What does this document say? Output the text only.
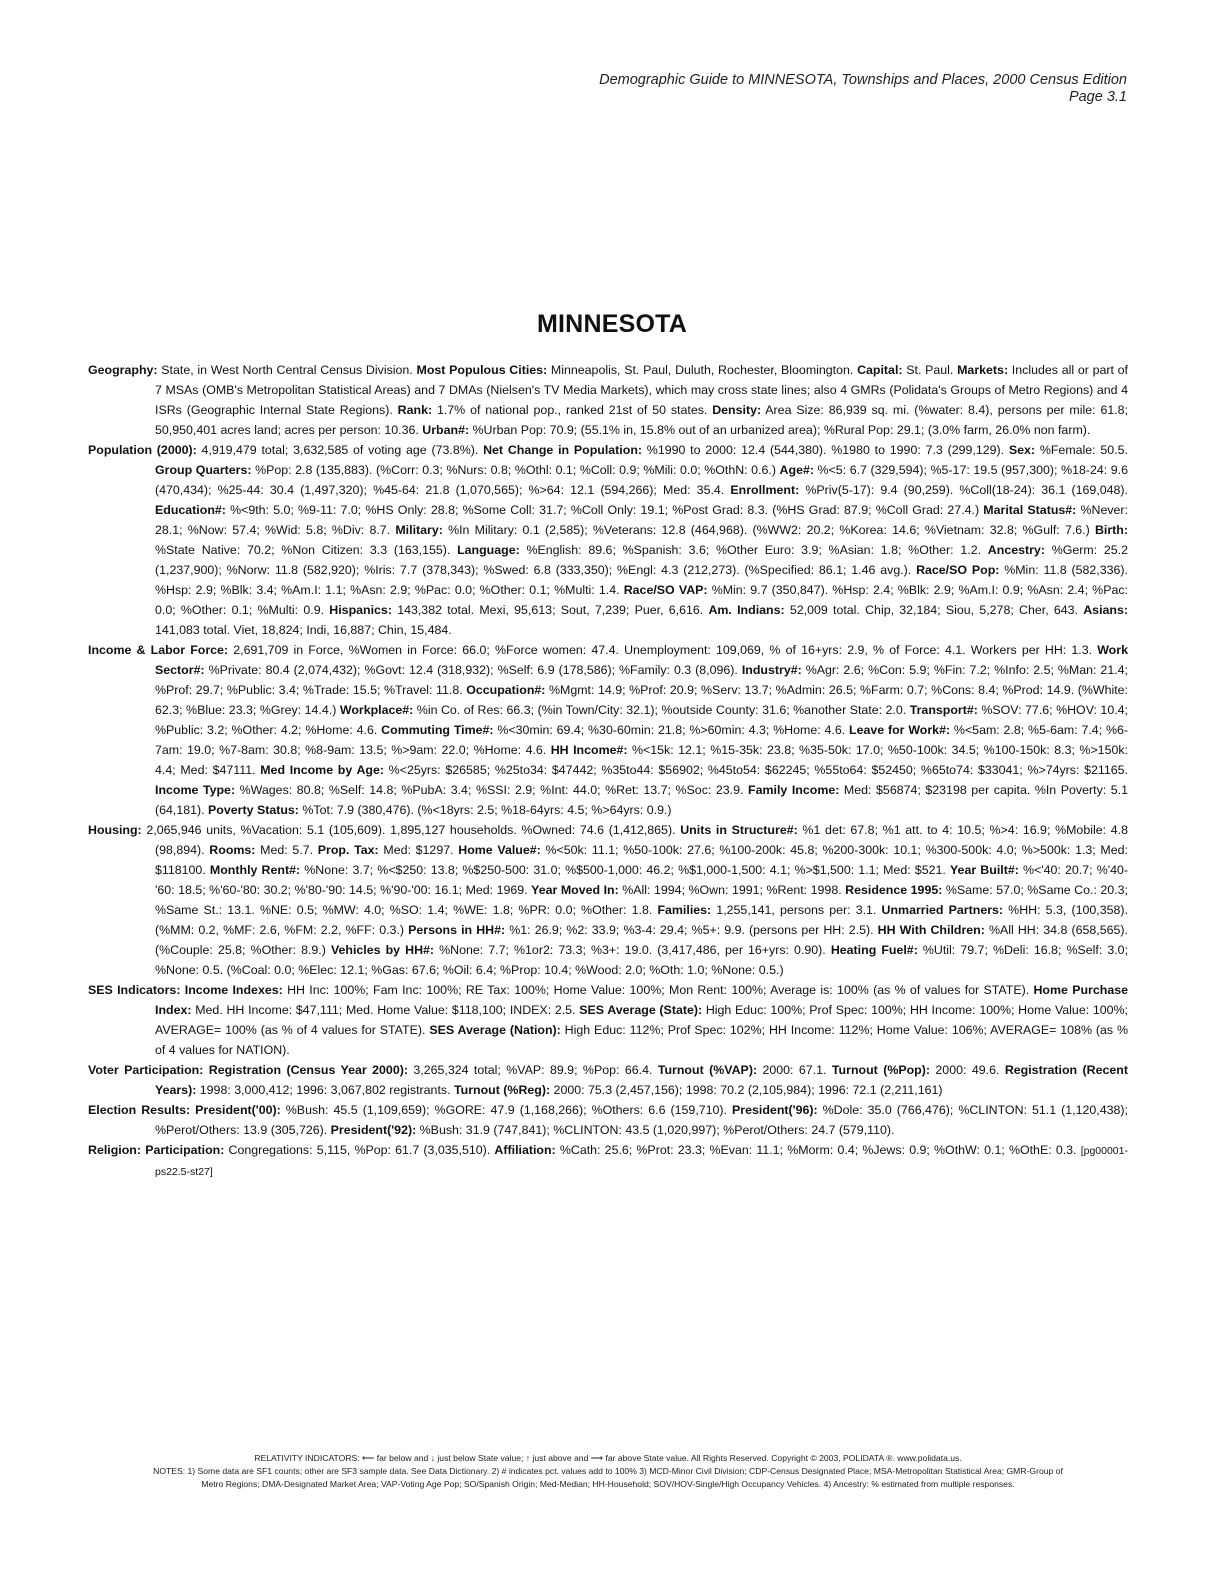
Demographic Guide to MINNESOTA, Townships and Places, 2000 Census Edition
Page 3.1
MINNESOTA

Geography: State, in West North Central Census Division. Most Populous Cities: Minneapolis, St. Paul, Duluth, Rochester, Bloomington. Capital: St. Paul. Markets: Includes all or part of 7 MSAs (OMB's Metropolitan Statistical Areas) and 7 DMAs (Nielsen's TV Media Markets), which may cross state lines; also 4 GMRs (Polidata's Groups of Metro Regions) and 4 ISRs (Geographic Internal State Regions). Rank: 1.7% of national pop., ranked 21st of 50 states. Density: Area Size: 86,939 sq. mi. (%water: 8.4), persons per mile: 61.8; 50,950,401 acres land; acres per person: 10.36. Urban#: %Urban Pop: 70.9; (55.1% in, 15.8% out of an urbanized area); %Rural Pop: 29.1; (3.0% farm, 26.0% non farm).

Population (2000): 4,919,479 total; 3,632,585 of voting age (73.8%). Net Change in Population: %1990 to 2000: 12.4 (544,380). %1980 to 1990: 7.3 (299,129). Sex: %Female: 50.5. Group Quarters: %Pop: 2.8 (135,883). (%Corr: 0.3; %Nurs: 0.8; %Othl: 0.1; %Coll: 0.9; %Mili: 0.0; %OthN: 0.6.) Age#: %<5: 6.7 (329,594); %5-17: 19.5 (957,300); %18-24: 9.6 (470,434); %25-44: 30.4 (1,497,320); %45-64: 21.8 (1,070,565); %>64: 12.1 (594,266); Med: 35.4. Enrollment: %Priv(5-17): 9.4 (90,259). %Coll(18-24): 36.1 (169,048). Education#: %<9th: 5.0; %9-11: 7.0; %HS Only: 28.8; %Some Coll: 31.7; %Coll Only: 19.1; %Post Grad: 8.3. (%HS Grad: 87.9; %Coll Grad: 27.4.) Marital Status#: %Never: 28.1; %Now: 57.4; %Wid: 5.8; %Div: 8.7. Military: %In Military: 0.1 (2,585); %Veterans: 12.8 (464,968). (%WW2: 20.2; %Korea: 14.6; %Vietnam: 32.8; %Gulf: 7.6.) Birth: %State Native: 70.2; %Non Citizen: 3.3 (163,155). Language: %English: 89.6; %Spanish: 3.6; %Other Euro: 3.9; %Asian: 1.8; %Other: 1.2. Ancestry: %Germ: 25.2 (1,237,900); %Norw: 11.8 (582,920); %Iris: 7.7 (378,343); %Swed: 6.8 (333,350); %Engl: 4.3 (212,273). (%Specified: 86.1; 1.46 avg.). Race/SO Pop: %Min: 11.8 (582,336). %Hsp: 2.9; %Blk: 3.4; %Am.I: 1.1; %Asn: 2.9; %Pac: 0.0; %Other: 0.1; %Multi: 1.4. Race/SO VAP: %Min: 9.7 (350,847). %Hsp: 2.4; %Blk: 2.9; %Am.I: 0.9; %Asn: 2.4; %Pac: 0.0; %Other: 0.1; %Multi: 0.9. Hispanics: 143,382 total. Mexi, 95,613; Sout, 7,239; Puer, 6,616. Am. Indians: 52,009 total. Chip, 32,184; Siou, 5,278; Cher, 643. Asians: 141,083 total. Viet, 18,824; Indi, 16,887; Chin, 15,484.

Income & Labor Force: 2,691,709 in Force, %Women in Force: 66.0; %Force women: 47.4. Unemployment: 109,069, % of 16+yrs: 2.9, % of Force: 4.1. Workers per HH: 1.3. Work Sector#: %Private: 80.4 (2,074,432); %Govt: 12.4 (318,932); %Self: 6.9 (178,586); %Family: 0.3 (8,096). Industry#: %Agr: 2.6; %Con: 5.9; %Fin: 7.2; %Info: 2.5; %Man: 21.4; %Prof: 29.7; %Public: 3.4; %Trade: 15.5; %Travel: 11.8. Occupation#: %Mgmt: 14.9; %Prof: 20.9; %Serv: 13.7; %Admin: 26.5; %Farm: 0.7; %Cons: 8.4; %Prod: 14.9. (%White: 62.3; %Blue: 23.3; %Grey: 14.4.) Workplace#: %in Co. of Res: 66.3; (%in Town/City: 32.1); %outside County: 31.6; %another State: 2.0. Transport#: %SOV: 77.6; %HOV: 10.4; %Public: 3.2; %Other: 4.2; %Home: 4.6. Commuting Time#: %<30min: 69.4; %30-60min: 21.8; %>60min: 4.3; %Home: 4.6. Leave for Work#: %<5am: 2.8; %5-6am: 7.4; %6-7am: 19.0; %7-8am: 30.8; %8-9am: 13.5; %>9am: 22.0; %Home: 4.6. HH Income#: %<15k: 12.1; %15-35k: 23.8; %35-50k: 17.0; %50-100k: 34.5; %100-150k: 8.3; %>150k: 4.4; Med: $47111. Med Income by Age: %<25yrs: $26585; %25to34: $47442; %35to44: $56902; %45to54: $62245; %55to64: $52450; %65to74: $33041; %>74yrs: $21165. Income Type: %Wages: 80.8; %Self: 14.8; %PubA: 3.4; %SSI: 2.9; %Int: 44.0; %Ret: 13.7; %Soc: 23.9. Family Income: Med: $56874; $23198 per capita. %In Poverty: 5.1 (64,181). Poverty Status: %Tot: 7.9 (380,476). (%<18yrs: 2.5; %18-64yrs: 4.5; %>64yrs: 0.9.)

Housing: 2,065,946 units, %Vacation: 5.1 (105,609). 1,895,127 households. %Owned: 74.6 (1,412,865). Units in Structure#: %1 det: 67.8; %1 att. to 4: 10.5; %>4: 16.9; %Mobile: 4.8 (98,894). Rooms: Med: 5.7. Prop. Tax: Med: $1297. Home Value#: %<50k: 11.1; %50-100k: 27.6; %100-200k: 45.8; %200-300k: 10.1; %300-500k: 4.0; %>500k: 1.3; Med: $118100. Monthly Rent#: %None: 3.7; %<$250: 13.8; %$250-500: 31.0; %$500-1,000: 46.2; %$1,000-1,500: 4.1; %>$1,500: 1.1; Med: $521. Year Built#: %<'40: 20.7; %'40-'60: 18.5; %'60-'80: 30.2; %'80-'90: 14.5; %'90-'00: 16.1; Med: 1969. Year Moved In: %All: 1994; %Own: 1991; %Rent: 1998. Residence 1995: %Same: 57.0; %Same Co.: 20.3; %Same St.: 13.1. %NE: 0.5; %MW: 4.0; %SO: 1.4; %WE: 1.8; %PR: 0.0; %Other: 1.8. Families: 1,255,141, persons per: 3.1. Unmarried Partners: %HH: 5.3, (100,358). (%MM: 0.2, %MF: 2.6, %FM: 2.2, %FF: 0.3.) Persons in HH#: %1: 26.9; %2: 33.9; %3-4: 29.4; %5+: 9.9. (persons per HH: 2.5). HH With Children: %All HH: 34.8 (658,565). (%Couple: 25.8; %Other: 8.9.) Vehicles by HH#: %None: 7.7; %1or2: 73.3; %3+: 19.0. (3,417,486, per 16+yrs: 0.90). Heating Fuel#: %Util: 79.7; %Deli: 16.8; %Self: 3.0; %None: 0.5. (%Coal: 0.0; %Elec: 12.1; %Gas: 67.6; %Oil: 6.4; %Prop: 10.4; %Wood: 2.0; %Oth: 1.0; %None: 0.5.)

SES Indicators: Income Indexes: HH Inc: 100%; Fam Inc: 100%; RE Tax: 100%; Home Value: 100%; Mon Rent: 100%; Average is: 100% (as % of values for STATE). Home Purchase Index: Med. HH Income: $47,111; Med. Home Value: $118,100; INDEX: 2.5. SES Average (State): High Educ: 100%; Prof Spec: 100%; HH Income: 100%; Home Value: 100%; AVERAGE= 100% (as % of 4 values for STATE). SES Average (Nation): High Educ: 112%; Prof Spec: 102%; HH Income: 112%; Home Value: 106%; AVERAGE= 108% (as % of 4 values for NATION).

Voter Participation: Registration (Census Year 2000): 3,265,324 total; %VAP: 89.9; %Pop: 66.4. Turnout (%VAP): 2000: 67.1. Turnout (%Pop): 2000: 49.6. Registration (Recent Years): 1998: 3,000,412; 1996: 3,067,802 registrants. Turnout (%Reg): 2000: 75.3 (2,457,156); 1998: 70.2 (2,105,984); 1996: 72.1 (2,211,161)

Election Results: President('00): %Bush: 45.5 (1,109,659); %GORE: 47.9 (1,168,266); %Others: 6.6 (159,710). President('96): %Dole: 35.0 (766,476); %CLINTON: 51.1 (1,120,438); %Perot/Others: 13.9 (305,726). President('92): %Bush: 31.9 (747,841); %CLINTON: 43.5 (1,020,997); %Perot/Others: 24.7 (579,110).

Religion: Participation: Congregations: 5,115, %Pop: 61.7 (3,035,510). Affiliation: %Cath: 25.6; %Prot: 23.3; %Evan: 11.1; %Morm: 0.4; %Jews: 0.9; %OthW: 0.1; %OthE: 0.3. [pg00001-ps22.5-st27]

RELATIVITY INDICATORS: ⟵ far below and ↓ just below State value; ↑ just above and ⟶ far above State value. All Rights Reserved. Copyright © 2003, POLIDATA ®. www.polidata.us.
NOTES: 1) Some data are SF1 counts; other are SF3 sample data. See Data Dictionary. 2) # indicates pct. values add to 100% 3) MCD-Minor Civil Division; CDP-Census Designated Place; MSA-Metropolitan Statistical Area; GMR-Group of
Metro Regions; DMA-Designated Market Area; VAP-Voting Age Pop; SO/Spanish Origin; Med-Median; HH-Household; SOV/HOV-Single/High Occupancy Vehicles. 4) Ancestry: % estimated from multiple responses.
